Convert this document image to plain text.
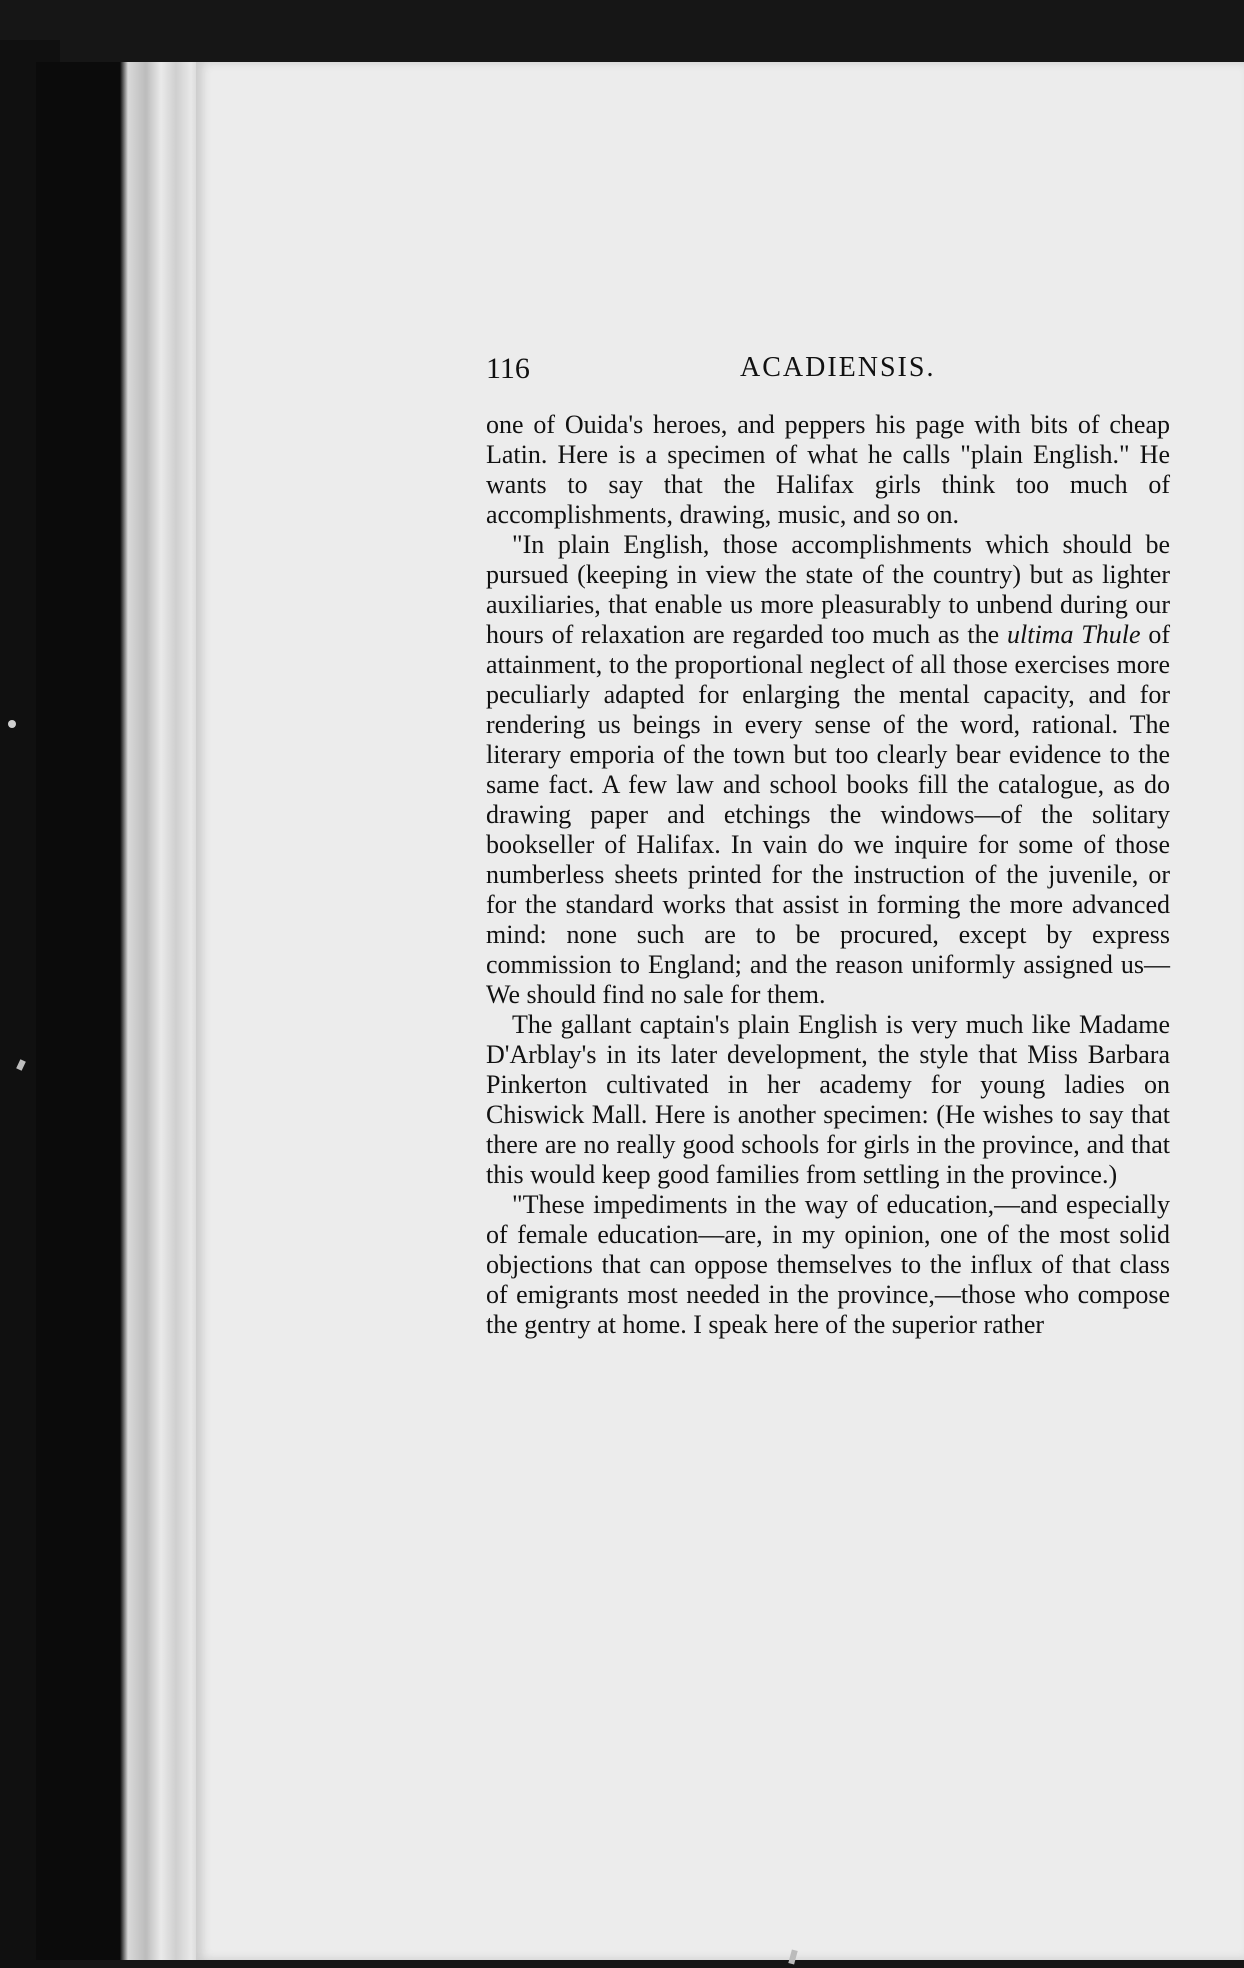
116	ACADIENSIS.

one of Ouida's heroes, and peppers his page with bits of cheap Latin. Here is a specimen of what he calls "plain English." He wants to say that the Halifax girls think too much of accomplishments, drawing, music, and so on.

"In plain English, those accomplishments which should be pursued (keeping in view the state of the country) but as lighter auxiliaries, that enable us more pleasurably to unbend during our hours of relaxation are regarded too much as the ultima Thule of attainment, to the proportional neglect of all those exercises more peculiarly adapted for enlarging the mental capacity, and for rendering us beings in every sense of the word, rational. The literary emporia of the town but too clearly bear evidence to the same fact. A few law and school books fill the catalogue, as do drawing paper and etchings the windows—of the solitary bookseller of Halifax. In vain do we inquire for some of those numberless sheets printed for the instruction of the juvenile, or for the standard works that assist in forming the more advanced mind: none such are to be procured, except by express commission to England; and the reason uniformly assigned us—We should find no sale for them.

The gallant captain's plain English is very much like Madame D'Arblay's in its later development, the style that Miss Barbara Pinkerton cultivated in her academy for young ladies on Chiswick Mall. Here is another specimen: (He wishes to say that there are no really good schools for girls in the province, and that this would keep good families from settling in the province.)

"These impediments in the way of education,—and especially of female education—are, in my opinion, one of the most solid objections that can oppose themselves to the influx of that class of emigrants most needed in the province,—those who compose the gentry at home. I speak here of the superior rather
